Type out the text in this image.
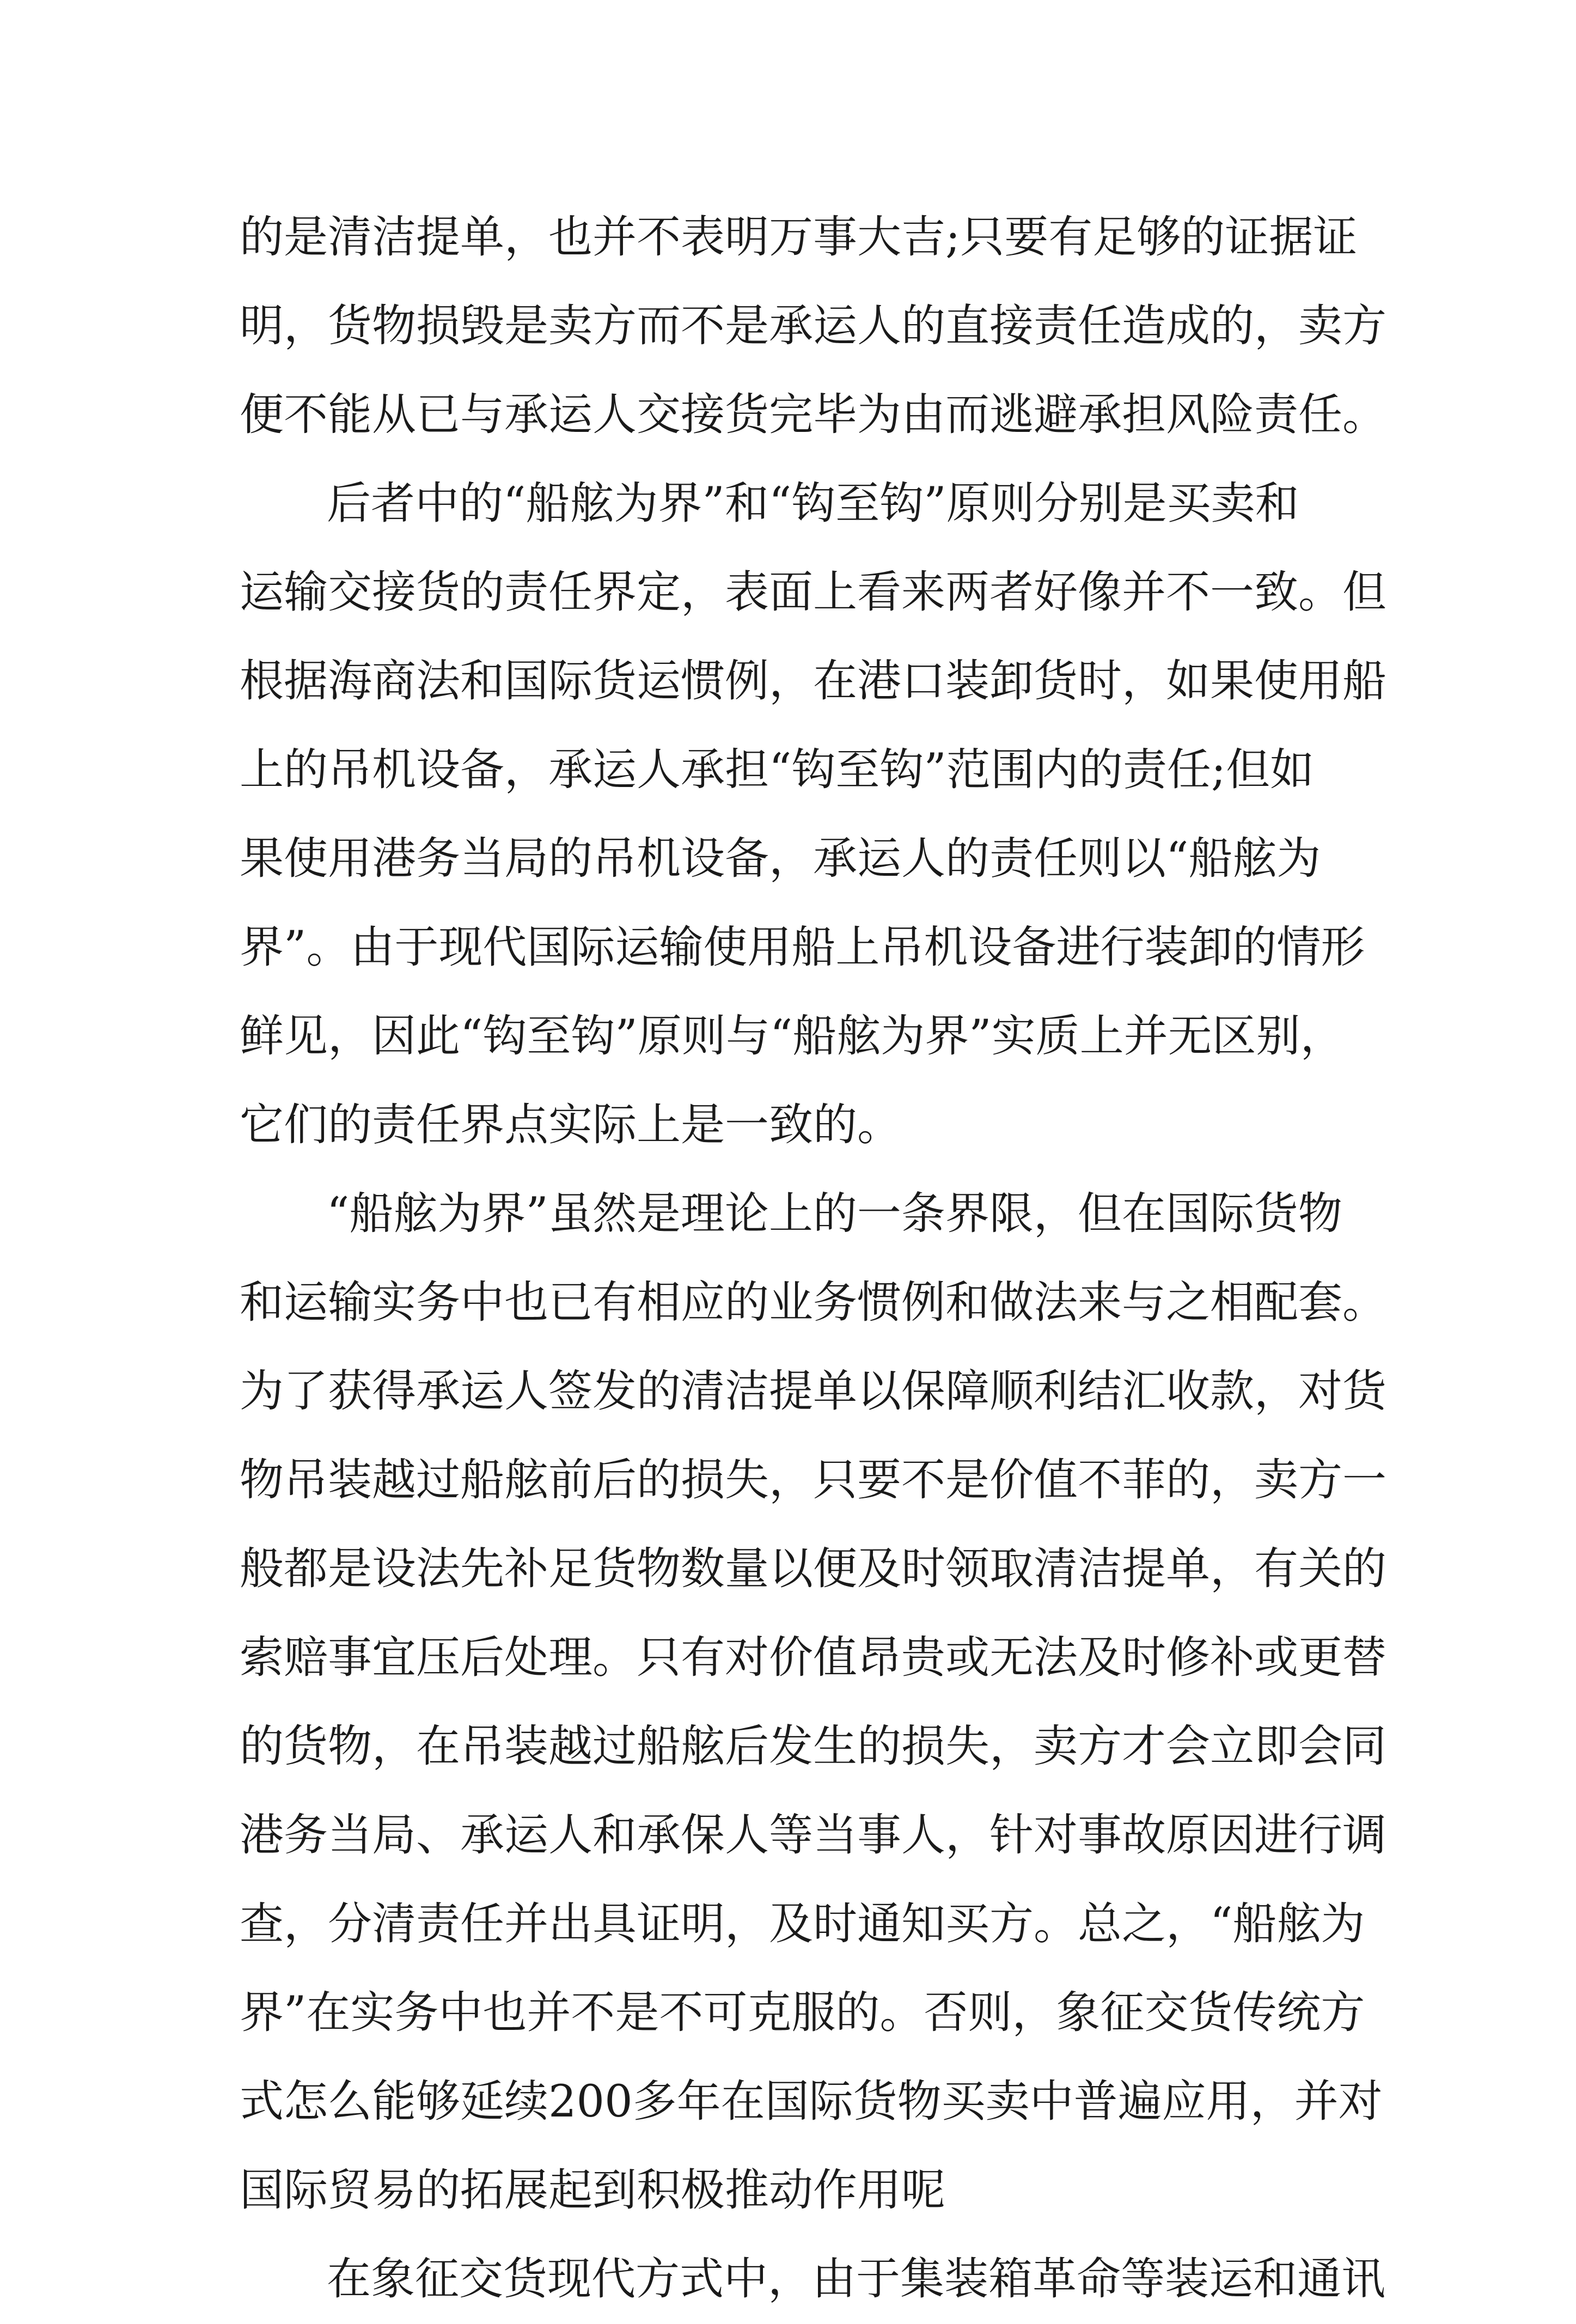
的是清洁提单，也并不表明万事大吉;只要有足够的证据证
明，货物损毁是卖方而不是承运人的直接责任造成的，卖方
便不能从已与承运人交接货完毕为由而逃避承担风险责任。
后者中的“船舷为界”和“钩至钩”原则分别是买卖和
运输交接货的责任界定，表面上看来两者好像并不一致。但
根据海商法和国际货运惯例，在港口装卸货时，如果使用船
上的吊机设备，承运人承担“钩至钩”范围内的责任;但如
果使用港务当局的吊机设备，承运人的责任则以“船舷为
界”。由于现代国际运输使用船上吊机设备进行装卸的情形
鲜见，因此“钩至钩”原则与“船舷为界”实质上并无区别，
它们的责任界点实际上是一致的。
“船舷为界”虽然是理论上的一条界限，但在国际货物
和运输实务中也已有相应的业务惯例和做法来与之相配套。
为了获得承运人签发的清洁提单以保障顺利结汇收款，对货
物吊装越过船舷前后的损失，只要不是价值不菲的，卖方一
般都是设法先补足货物数量以便及时领取清洁提单，有关的
索赔事宜压后处理。只有对价值昂贵或无法及时修补或更替
的货物，在吊装越过船舷后发生的损失，卖方才会立即会同
港务当局、承运人和承保人等当事人，针对事故原因进行调
查，分清责任并出具证明，及时通知买方。总之，“船舷为
界”在实务中也并不是不可克服的。否则，象征交货传统方
式怎么能够延续200多年在国际货物买卖中普遍应用，并对
国际贸易的拓展起到积极推动作用呢
在象征交货现代方式中，由于集装箱革命等装运和通讯
